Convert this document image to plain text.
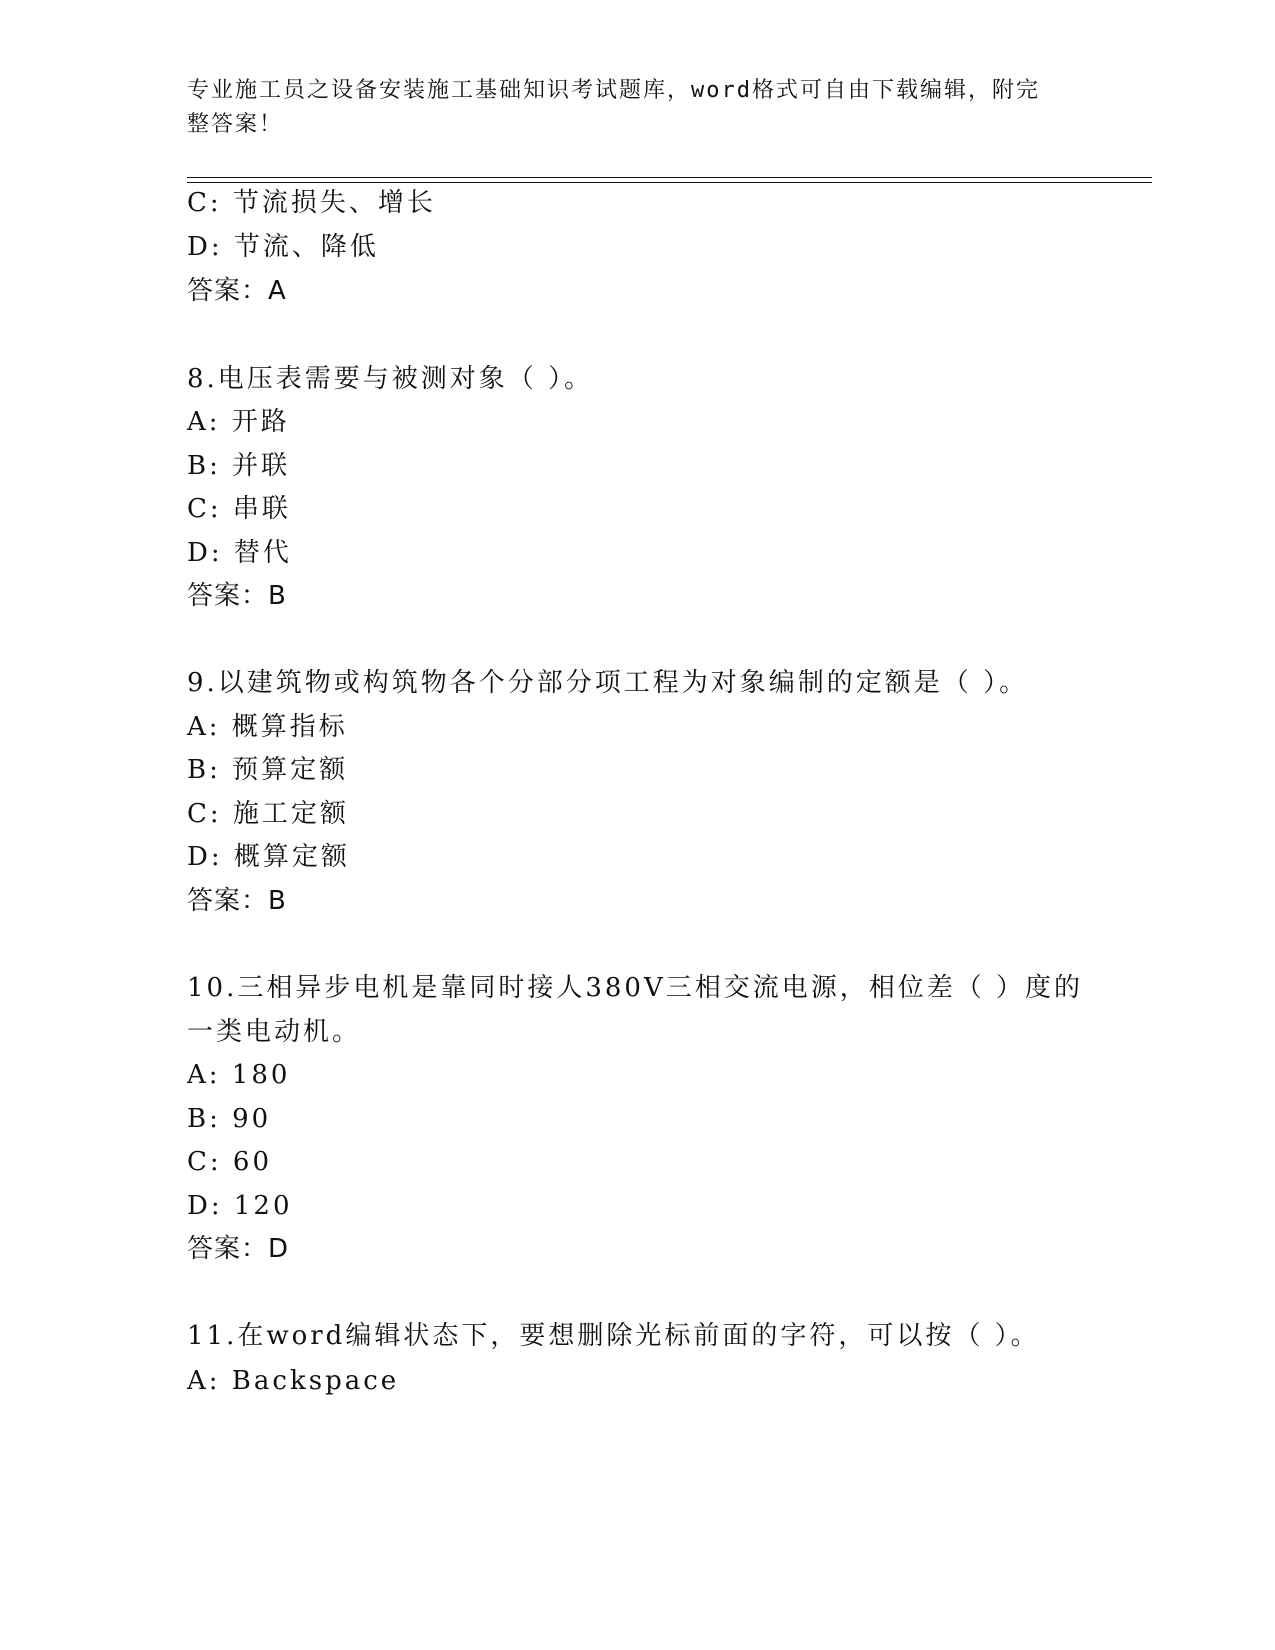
专业施工员之设备安装施工基础知识考试题库，word格式可自由下载编辑，附完
整答案！
C: 节流损失、增长
D: 节流、降低
答案：A
8.电压表需要与被测对象（ ）。
A: 开路
B: 并联
C: 串联
D: 替代
答案：B
9.以建筑物或构筑物各个分部分项工程为对象编制的定额是（ ）。
A: 概算指标
B: 预算定额
C: 施工定额
D: 概算定额
答案：B
10.三相异步电机是靠同时接人380V三相交流电源，相位差（ ）度的
一类电动机。
A: 180
B: 90
C: 60
D: 120
答案：D
11.在word编辑状态下，要想删除光标前面的字符，可以按（ ）。
A: Backspace
